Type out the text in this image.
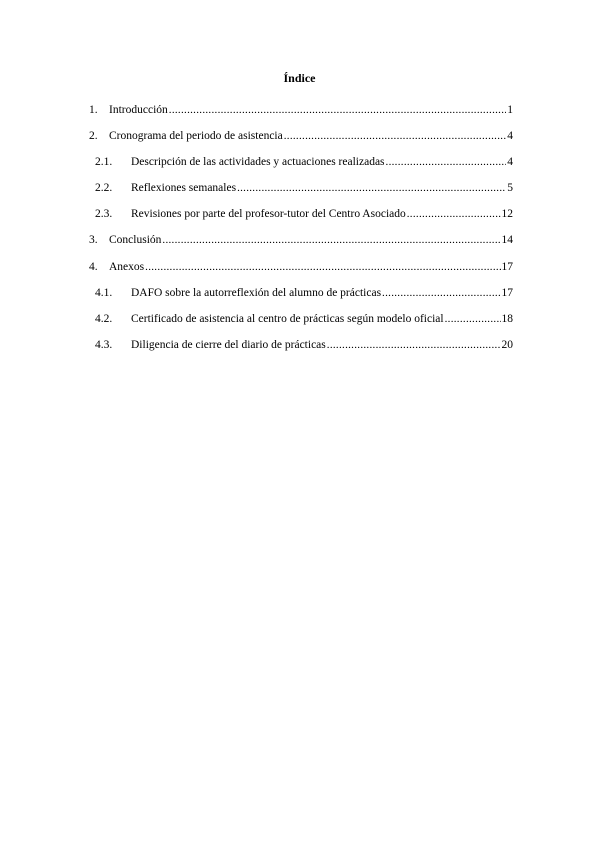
Índice
1. Introducción .....	1
2. Cronograma del periodo de asistencia .....	4
2.1.	Descripción de las actividades y actuaciones realizadas .....	4
2.2.	Reflexiones semanales .....	5
2.3.	Revisiones por parte del profesor-tutor del Centro Asociado .....	12
3. Conclusión .....	14
4. Anexos .....	17
4.1.	DAFO sobre la autorreflexión del alumno de prácticas .....	17
4.2.	Certificado de asistencia al centro de prácticas según modelo oficial .....	18
4.3.	Diligencia de cierre del diario de prácticas .....	20
